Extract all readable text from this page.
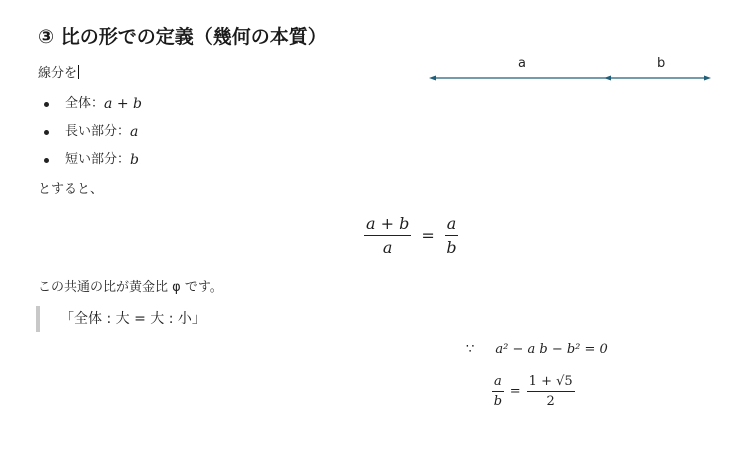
③ 比の形での定義（幾何の本質）
線分を
全体： a + b
長い部分： a
短い部分： b
とすると、
$\frac{a + b}{a} = \frac{a}{b}$
この共通の比が黄金比 φ です。
「全体 : 大 = 大 : 小」
a	b
∵ a² − a b − b² = 0
$\frac{a}{b} = \frac{1 + √5}{2}$
